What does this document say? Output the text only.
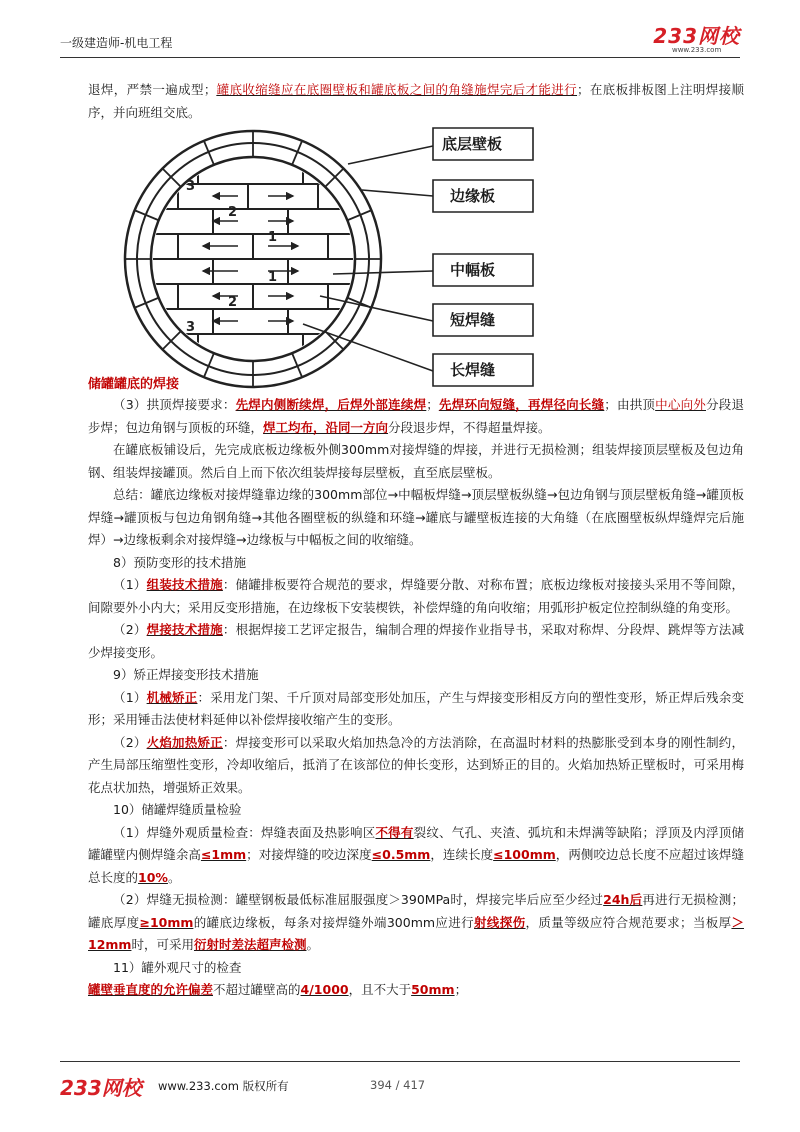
一级建造师-机电工程	233网校
www.233.com

退焊，严禁一遍成型；罐底收缩缝应在底圈壁板和罐底板之间的角缝施焊完后才能进行；在底板排板图上注明焊接顺序，并向班组交底。

3
2
1
1
2
3
底层壁板
边缘板
中幅板
短焊缝
长焊缝
储罐罐底的焊接

（3）拱顶焊接要求：先焊内侧断续焊，后焊外部连续焊；先焊环向短缝，再焊径向长缝；由拱顶中心向外分段退步焊；包边角钢与顶板的环缝，焊工均布，沿同一方向分段退步焊，不得超量焊接。

在罐底板铺设后，先完成底板边缘板外侧300mm对接焊缝的焊接，并进行无损检测；组装焊接顶层壁板及包边角钢、组装焊接罐顶。然后自上而下依次组装焊接每层壁板，直至底层壁板。

总结：罐底边缘板对接焊缝靠边缘的300mm部位→中幅板焊缝→顶层壁板纵缝→包边角钢与顶层壁板角缝→罐顶板焊缝→罐顶板与包边角钢角缝→其他各圈壁板的纵缝和环缝→罐底与罐壁板连接的大角缝（在底圈壁板纵焊缝焊完后施焊）→边缘板剩余对接焊缝→边缘板与中幅板之间的收缩缝。

8）预防变形的技术措施

（1）组装技术措施：储罐排板要符合规范的要求，焊缝要分散、对称布置；底板边缘板对接接头采用不等间隙，间隙要外小内大；采用反变形措施，在边缘板下安装楔铁，补偿焊缝的角向收缩；用弧形护板定位控制纵缝的角变形。

（2）焊接技术措施：根据焊接工艺评定报告，编制合理的焊接作业指导书，采取对称焊、分段焊、跳焊等方法减少焊接变形。

9）矫正焊接变形技术措施

（1）机械矫正：采用龙门架、千斤顶对局部变形处加压，产生与焊接变形相反方向的塑性变形，矫正焊后残余变形；采用锤击法使材料延伸以补偿焊接收缩产生的变形。

（2）火焰加热矫正：焊接变形可以采取火焰加热急冷的方法消除，在高温时材料的热膨胀受到本身的刚性制约，产生局部压缩塑性变形，冷却收缩后，抵消了在该部位的伸长变形，达到矫正的目的。火焰加热矫正壁板时，可采用梅花点状加热，增强矫正效果。

10）储罐焊缝质量检验

（1）焊缝外观质量检查：焊缝表面及热影响区不得有裂纹、气孔、夹渣、弧坑和未焊满等缺陷；浮顶及内浮顶储罐罐壁内侧焊缝余高≤1mm；对接焊缝的咬边深度≤0.5mm，连续长度≤100mm，两侧咬边总长度不应超过该焊缝总长度的10%。

（2）焊缝无损检测：罐壁钢板最低标准屈服强度＞390MPa时，焊接完毕后应至少经过24h后再进行无损检测；罐底厚度≥10mm的罐底边缘板，每条对接焊缝外端300mm应进行射线探伤，质量等级应符合规范要求；当板厚＞12mm时，可采用衍射时差法超声检测。

11）罐外观尺寸的检查

罐壁垂直度的允许偏差不超过罐壁高的4/1000，且不大于50mm；

233网校 www.233.com 版权所有	394 / 417
